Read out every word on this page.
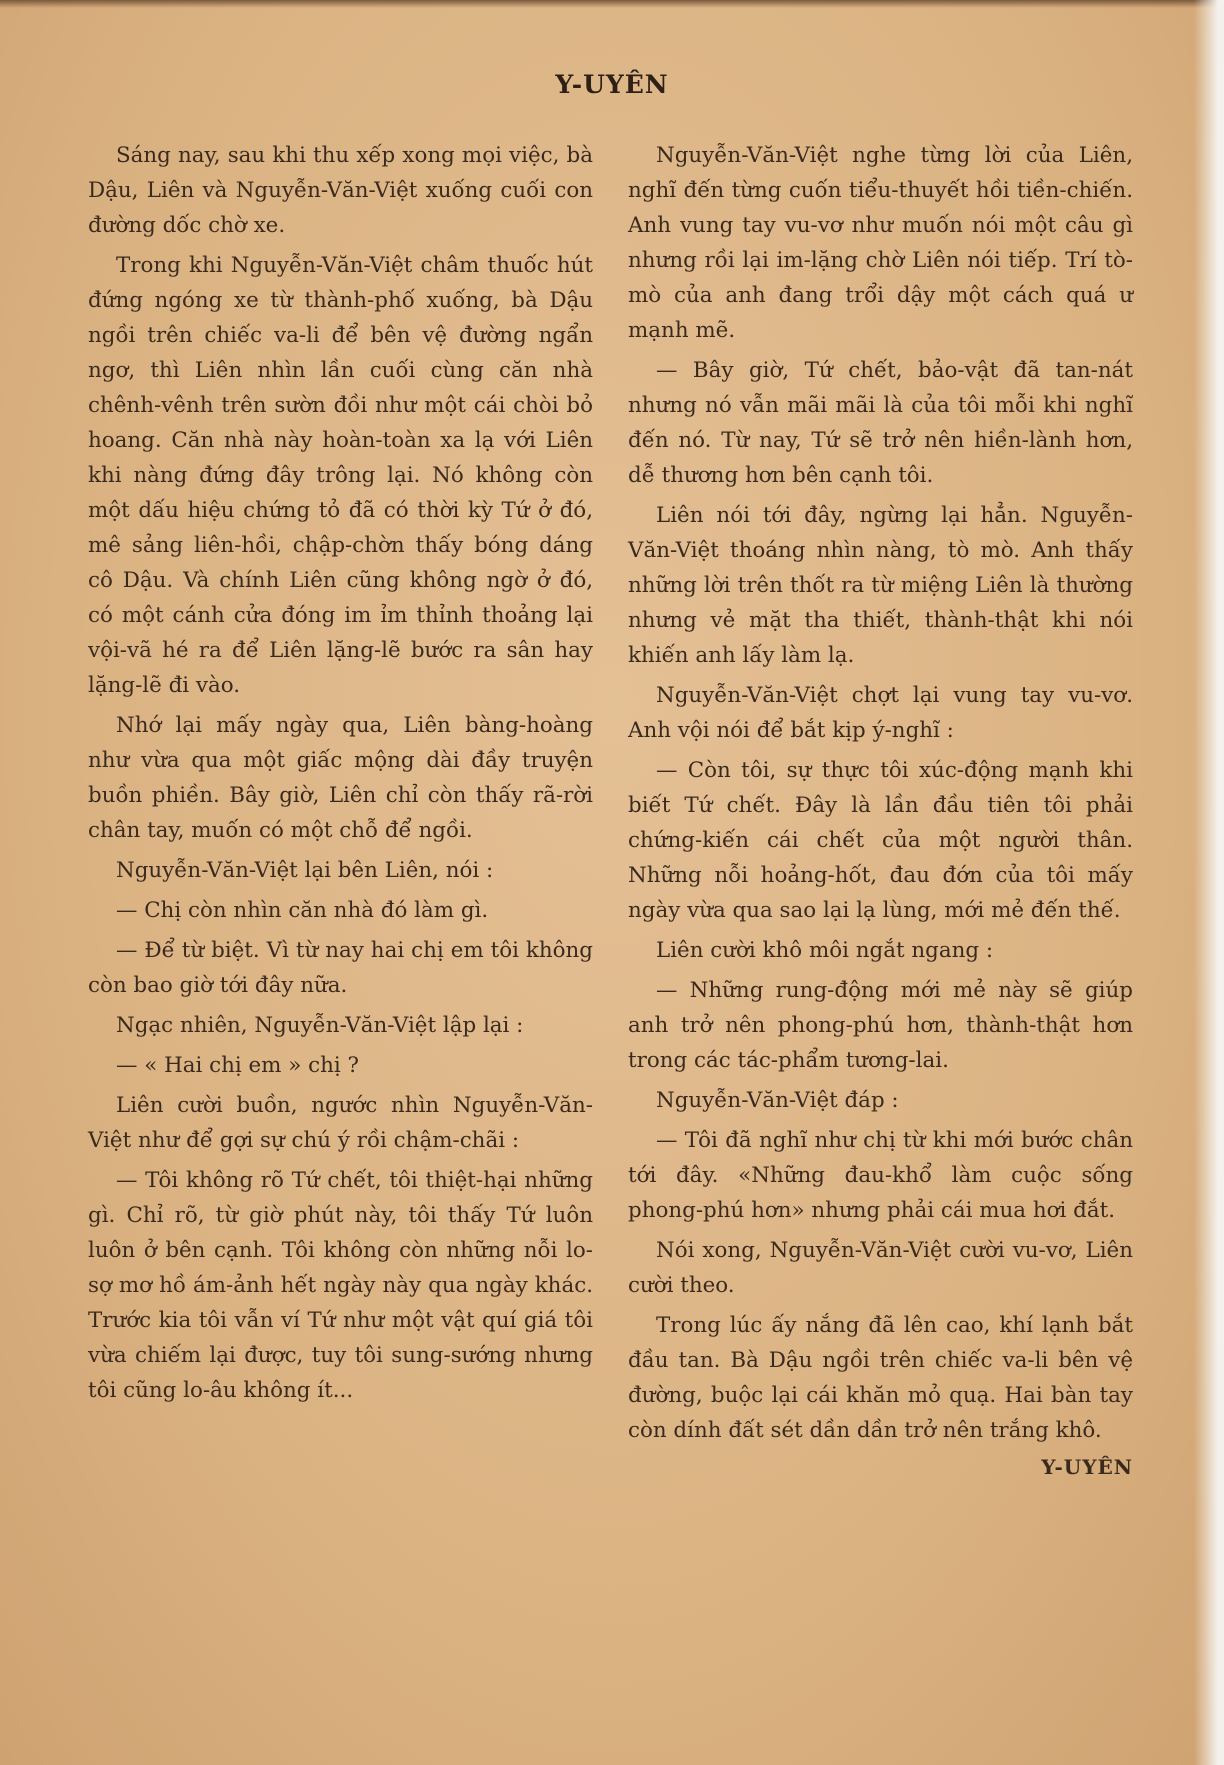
Y-UYÊN

Sáng nay, sau khi thu xếp xong mọi việc, bà Dậu, Liên và Nguyễn-Văn-Việt xuống cuối con đường dốc chờ xe.

Trong khi Nguyễn-Văn-Việt châm thuốc hút đứng ngóng xe từ thành-phố xuống, bà Dậu ngồi trên chiếc va-li để bên vệ đường ngẩn ngơ, thì Liên nhìn lần cuối cùng căn nhà chênh-vênh trên sườn đồi như một cái chòi bỏ hoang. Căn nhà này hoàn-toàn xa lạ với Liên khi nàng đứng đây trông lại. Nó không còn một dấu hiệu chứng tỏ đã có thời kỳ Tứ ở đó, mê sảng liên-hồi, chập-chờn thấy bóng dáng cô Dậu. Và chính Liên cũng không ngờ ở đó, có một cánh cửa đóng im ỉm thỉnh thoảng lại vội-vã hé ra để Liên lặng-lẽ bước ra sân hay lặng-lẽ đi vào.

Nhớ lại mấy ngày qua, Liên bàng-hoàng như vừa qua một giấc mộng dài đầy truyện buồn phiền. Bây giờ, Liên chỉ còn thấy rã-rời chân tay, muốn có một chỗ để ngồi.

Nguyễn-Văn-Việt lại bên Liên, nói :

— Chị còn nhìn căn nhà đó làm gì.

— Để từ biệt. Vì từ nay hai chị em tôi không còn bao giờ tới đây nữa.

Ngạc nhiên, Nguyễn-Văn-Việt lập lại :

— « Hai chị em » chị ?

Liên cười buồn, ngước nhìn Nguyễn-Văn-Việt như để gợi sự chú ý rồi chậm-chãi :

— Tôi không rõ Tứ chết, tôi thiệt-hại những gì. Chỉ rõ, từ giờ phút này, tôi thấy Tứ luôn luôn ở bên cạnh. Tôi không còn những nỗi lo-sợ mơ hồ ám-ảnh hết ngày này qua ngày khác. Trước kia tôi vẫn ví Tứ như một vật quí giá tôi vừa chiếm lại được, tuy tôi sung-sướng nhưng tôi cũng lo-âu không ít...

Nguyễn-Văn-Việt nghe từng lời của Liên, nghĩ đến từng cuốn tiểu-thuyết hồi tiền-chiến. Anh vung tay vu-vơ như muốn nói một câu gì nhưng rồi lại im-lặng chờ Liên nói tiếp. Trí tò-mò của anh đang trổi dậy một cách quá ư mạnh mẽ.

— Bây giờ, Tứ chết, bảo-vật đã tan-nát nhưng nó vẫn mãi mãi là của tôi mỗi khi nghĩ đến nó. Từ nay, Tứ sẽ trở nên hiền-lành hơn, dễ thương hơn bên cạnh tôi.

Liên nói tới đây, ngừng lại hẳn. Nguyễn-Văn-Việt thoáng nhìn nàng, tò mò. Anh thấy những lời trên thốt ra từ miệng Liên là thường nhưng vẻ mặt tha thiết, thành-thật khi nói khiến anh lấy làm lạ.

Nguyễn-Văn-Việt chợt lại vung tay vu-vơ. Anh vội nói để bắt kịp ý-nghĩ :

— Còn tôi, sự thực tôi xúc-động mạnh khi biết Tứ chết. Đây là lần đầu tiên tôi phải chứng-kiến cái chết của một người thân. Những nỗi hoảng-hốt, đau đớn của tôi mấy ngày vừa qua sao lại lạ lùng, mới mẻ đến thế.

Liên cười khô môi ngắt ngang :

— Những rung-động mới mẻ này sẽ giúp anh trở nên phong-phú hơn, thành-thật hơn trong các tác-phẩm tương-lai.

Nguyễn-Văn-Việt đáp :

— Tôi đã nghĩ như chị từ khi mới bước chân tới đây. «Những đau-khổ làm cuộc sống phong-phú hơn» nhưng phải cái mua hơi đắt.

Nói xong, Nguyễn-Văn-Việt cười vu-vơ, Liên cười theo.

Trong lúc ấy nắng đã lên cao, khí lạnh bắt đầu tan. Bà Dậu ngồi trên chiếc va-li bên vệ đường, buộc lại cái khăn mỏ quạ. Hai bàn tay còn dính đất sét dần dần trở nên trắng khô.

Y-UYÊN
